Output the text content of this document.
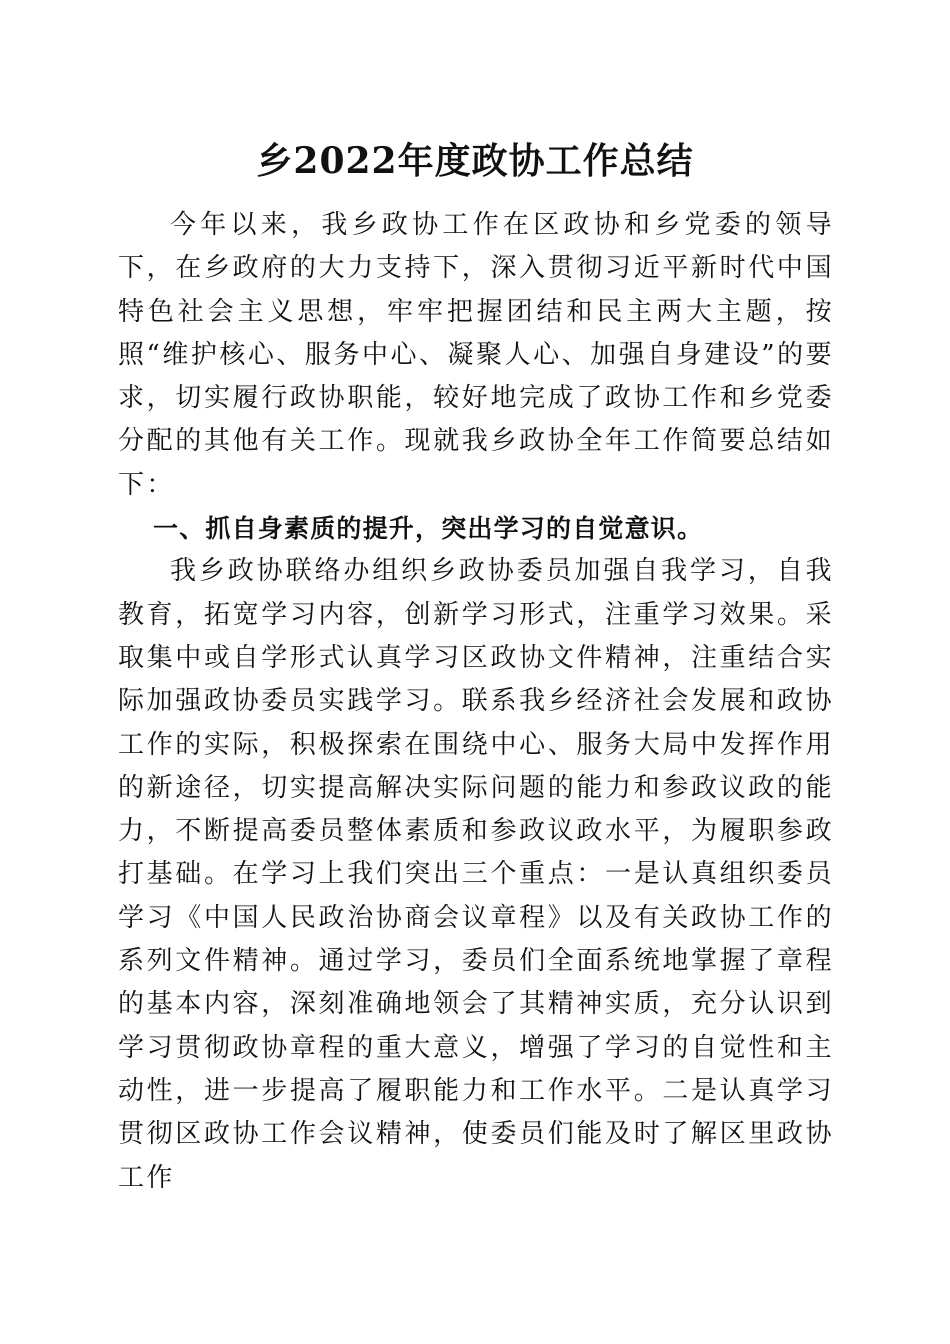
乡2022年度政协工作总结

今年以来，我乡政协工作在区政协和乡党委的领导下，在乡政府的大力支持下，深入贯彻习近平新时代中国特色社会主义思想，牢牢把握团结和民主两大主题，按照“维护核心、服务中心、凝聚人心、加强自身建设”的要求，切实履行政协职能，较好地完成了政协工作和乡党委分配的其他有关工作。现就我乡政协全年工作简要总结如下：

一、抓自身素质的提升，突出学习的自觉意识。

我乡政协联络办组织乡政协委员加强自我学习，自我教育，拓宽学习内容，创新学习形式，注重学习效果。采取集中或自学形式认真学习区政协文件精神，注重结合实际加强政协委员实践学习。联系我乡经济社会发展和政协工作的实际，积极探索在围绕中心、服务大局中发挥作用的新途径，切实提高解决实际问题的能力和参政议政的能力，不断提高委员整体素质和参政议政水平，为履职参政打基础。在学习上我们突出三个重点：一是认真组织委员学习《中国人民政治协商会议章程》以及有关政协工作的系列文件精神。通过学习，委员们全面系统地掌握了章程的基本内容，深刻准确地领会了其精神实质，充分认识到学习贯彻政协章程的重大意义，增强了学习的自觉性和主动性，进一步提高了履职能力和工作水平。二是认真学习贯彻区政协工作会议精神，使委员们能及时了解区里政协工作
